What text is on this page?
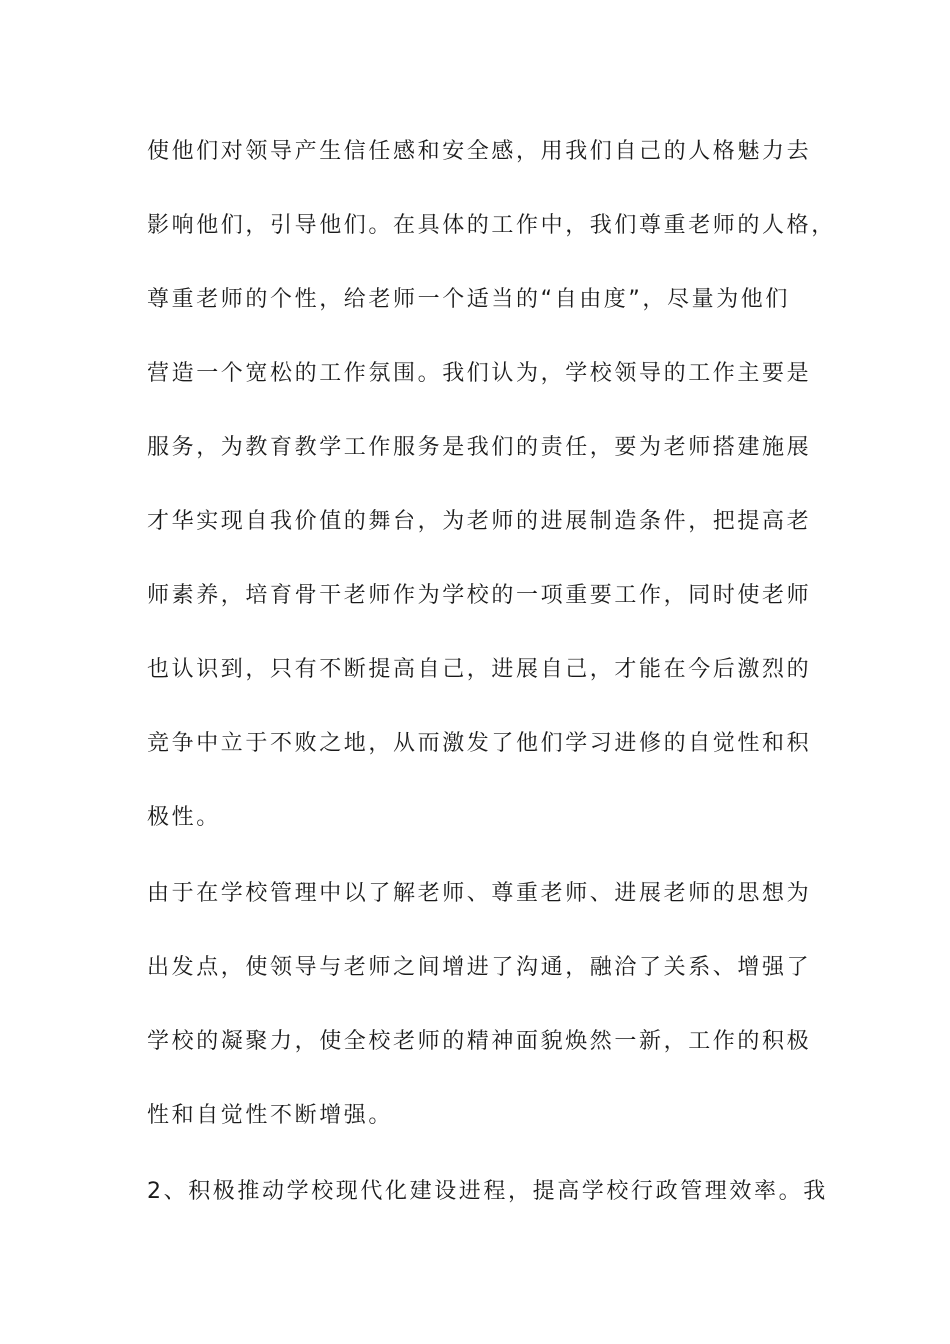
使他们对领导产生信任感和安全感，用我们自己的人格魅力去
影响他们，引导他们。在具体的工作中，我们尊重老师的人格，
尊重老师的个性，给老师一个适当的“自由度”，尽量为他们
营造一个宽松的工作氛围。我们认为，学校领导的工作主要是
服务，为教育教学工作服务是我们的责任，要为老师搭建施展
才华实现自我价值的舞台，为老师的进展制造条件，把提高老
师素养，培育骨干老师作为学校的一项重要工作，同时使老师
也认识到，只有不断提高自己，进展自己，才能在今后激烈的
竞争中立于不败之地，从而激发了他们学习进修的自觉性和积
极性。
由于在学校管理中以了解老师、尊重老师、进展老师的思想为
出发点，使领导与老师之间增进了沟通，融洽了关系、增强了
学校的凝聚力，使全校老师的精神面貌焕然一新，工作的积极
性和自觉性不断增强。
2、积极推动学校现代化建设进程，提高学校行政管理效率。我
